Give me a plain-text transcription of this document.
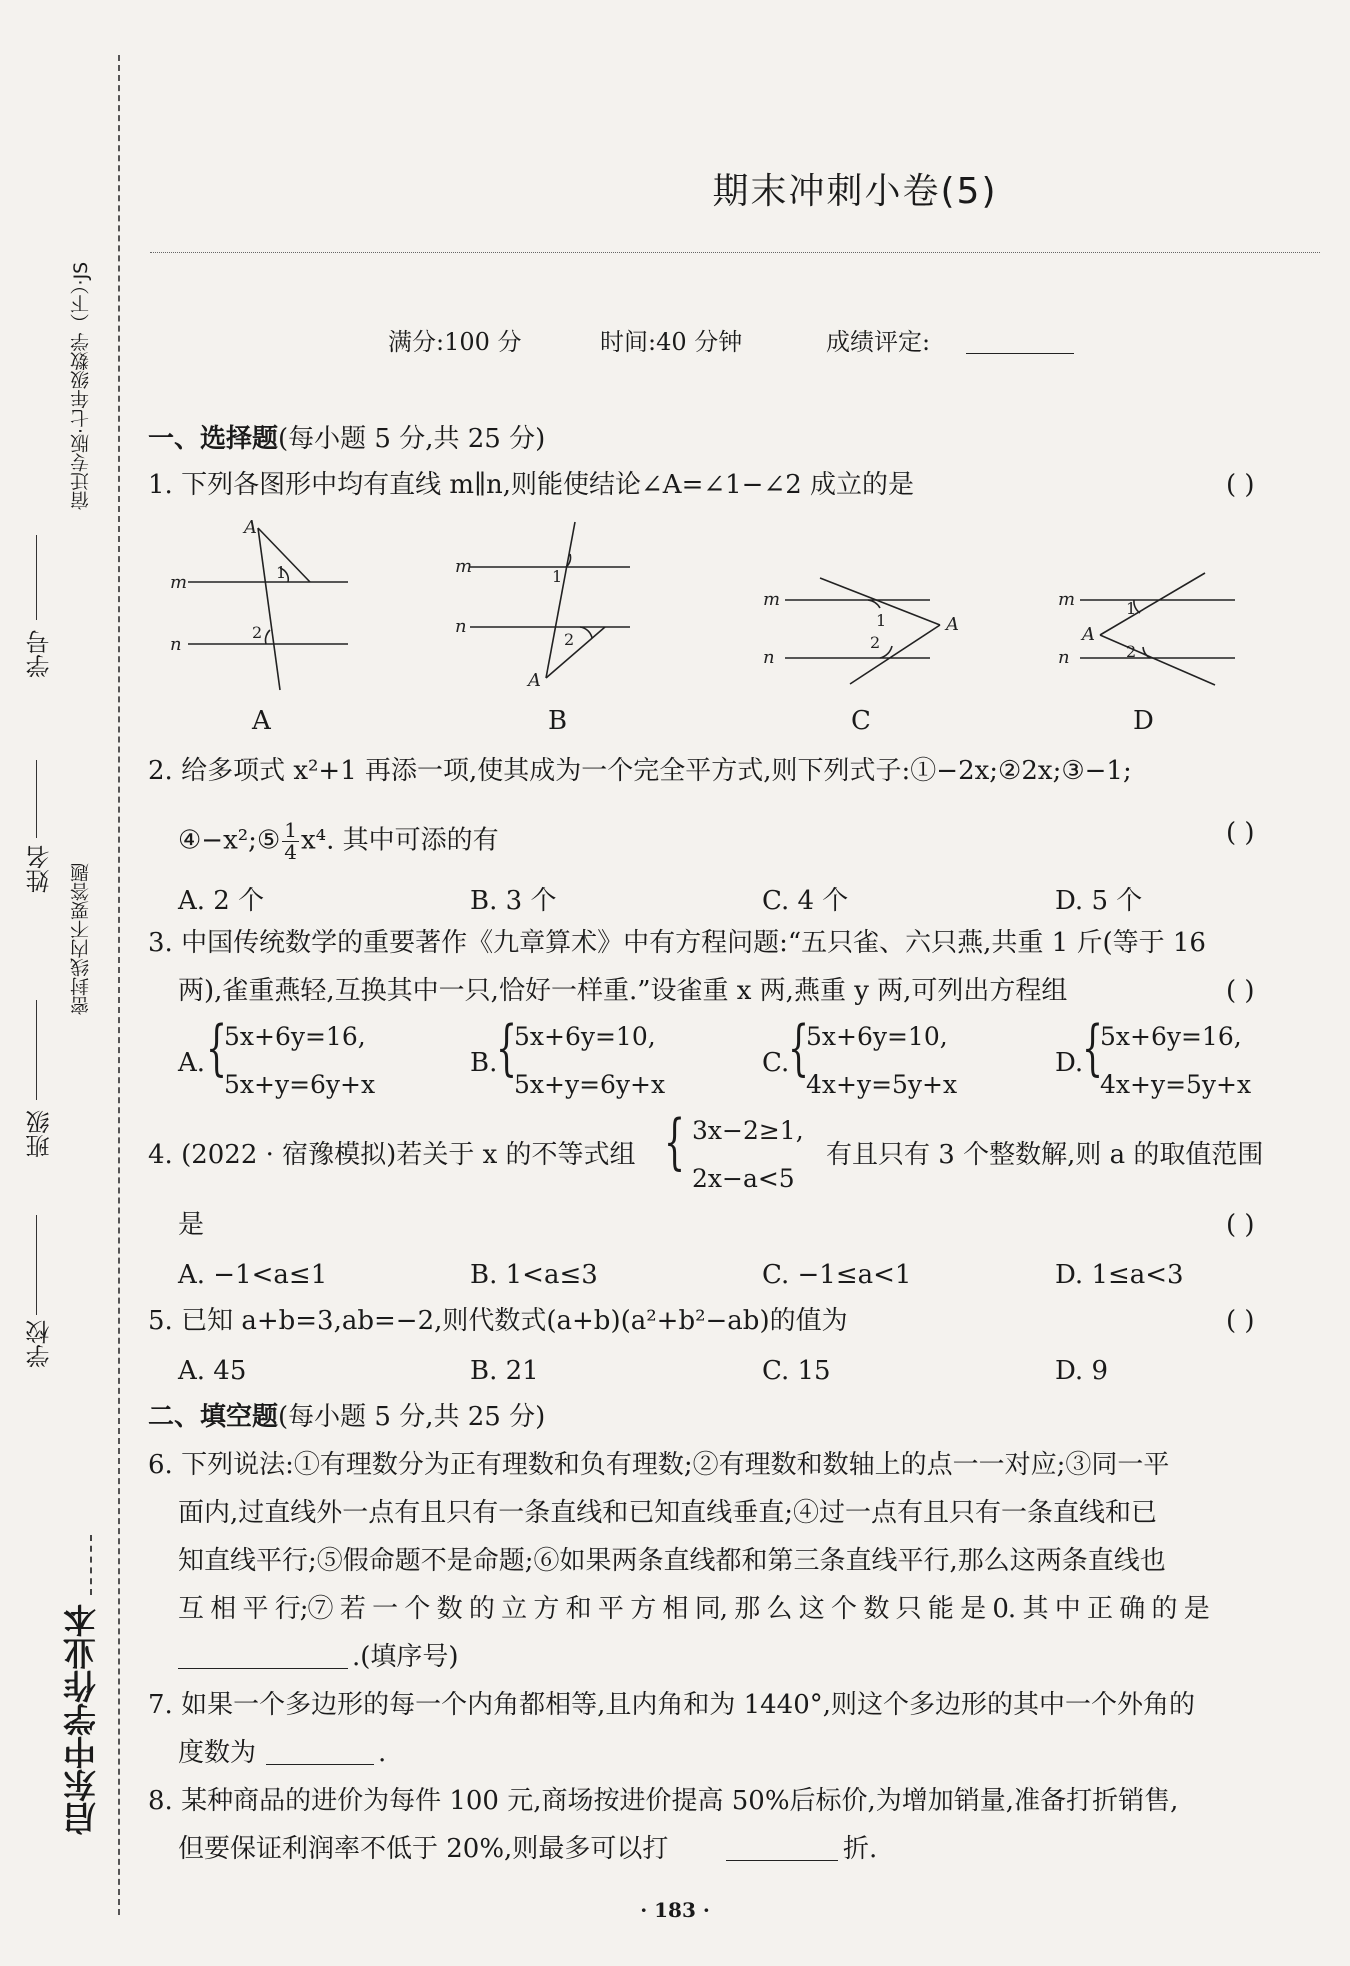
宿迁专版·七年级数学（下）·JS
密封线内不要答题
学号
姓名
班级
学校
启东中学作业本
期末冲刺小卷(5)
满分:100 分	时间:40 分钟	成绩评定:
一、选择题(每小题 5 分,共 25 分)
1. 下列各图形中均有直线 m∥n,则能使结论∠A=∠1−∠2 成立的是	( )
A
m
n
m
n
A
m
n
A
m
n
A
1
2
1
2
1
2
1
2
A	B	C	D
2. 给多项式 x²+1 再添一项,使其成为一个完全平方式,则下列式子:①−2x;②2x;③−1;
④−x²;⑤ $\frac{1}{4} x^4$. 其中可添的有	( )
A. 2 个	B. 3 个	C. 4 个	D. 5 个
3. 中国传统数学的重要著作《九章算术》中有方程问题:“五只雀、六只燕,共重 1 斤(等于 16
两),雀重燕轻,互换其中一只,恰好一样重.”设雀重 x 两,燕重 y 两,可列出方程组	( )
A. {
5x+6y=16,
5x+y=6y+x
B.
{
5x+6y=10,
5x+y=6y+x
C.
{
5x+6y=10,
4x+y=5y+x
D.
{
5x+6y=16,
4x+y=5y+x
4. (2022 · 宿豫模拟)若关于 x 的不等式组 { 3x−2≥1,
2x−a<5
有且只有 3 个整数解,则 a 的取值范围
是	( )
A. −1<a≤1	B. 1<a≤3	C. −1≤a<1	D. 1≤a<3
5. 已知 a+b=3,ab=−2,则代数式(a+b)(a²+b²−ab)的值为	( )
A. 45	B. 21	C. 15	D. 9
二、填空题(每小题 5 分,共 25 分)
6. 下列说法:①有理数分为正有理数和负有理数;②有理数和数轴上的点一一对应;③同一平
面内,过直线外一点有且只有一条直线和已知直线垂直;④过一点有且只有一条直线和已
知直线平行;⑤假命题不是命题;⑥如果两条直线都和第三条直线平行,那么这两条直线也
互 相 平 行;⑦ 若 一 个 数 的 立 方 和 平 方 相 同, 那 么 这 个 数 只 能 是 0. 其 中 正 确 的 是
.(填序号)
7. 如果一个多边形的每一个内角都相等,且内角和为 1440°,则这个多边形的其中一个外角的
度数为	.
8. 某种商品的进价为每件 100 元,商场按进价提高 50%后标价,为增加销量,准备打折销售,
但要保证利润率不低于 20%,则最多可以打	折.
· 183 ·
